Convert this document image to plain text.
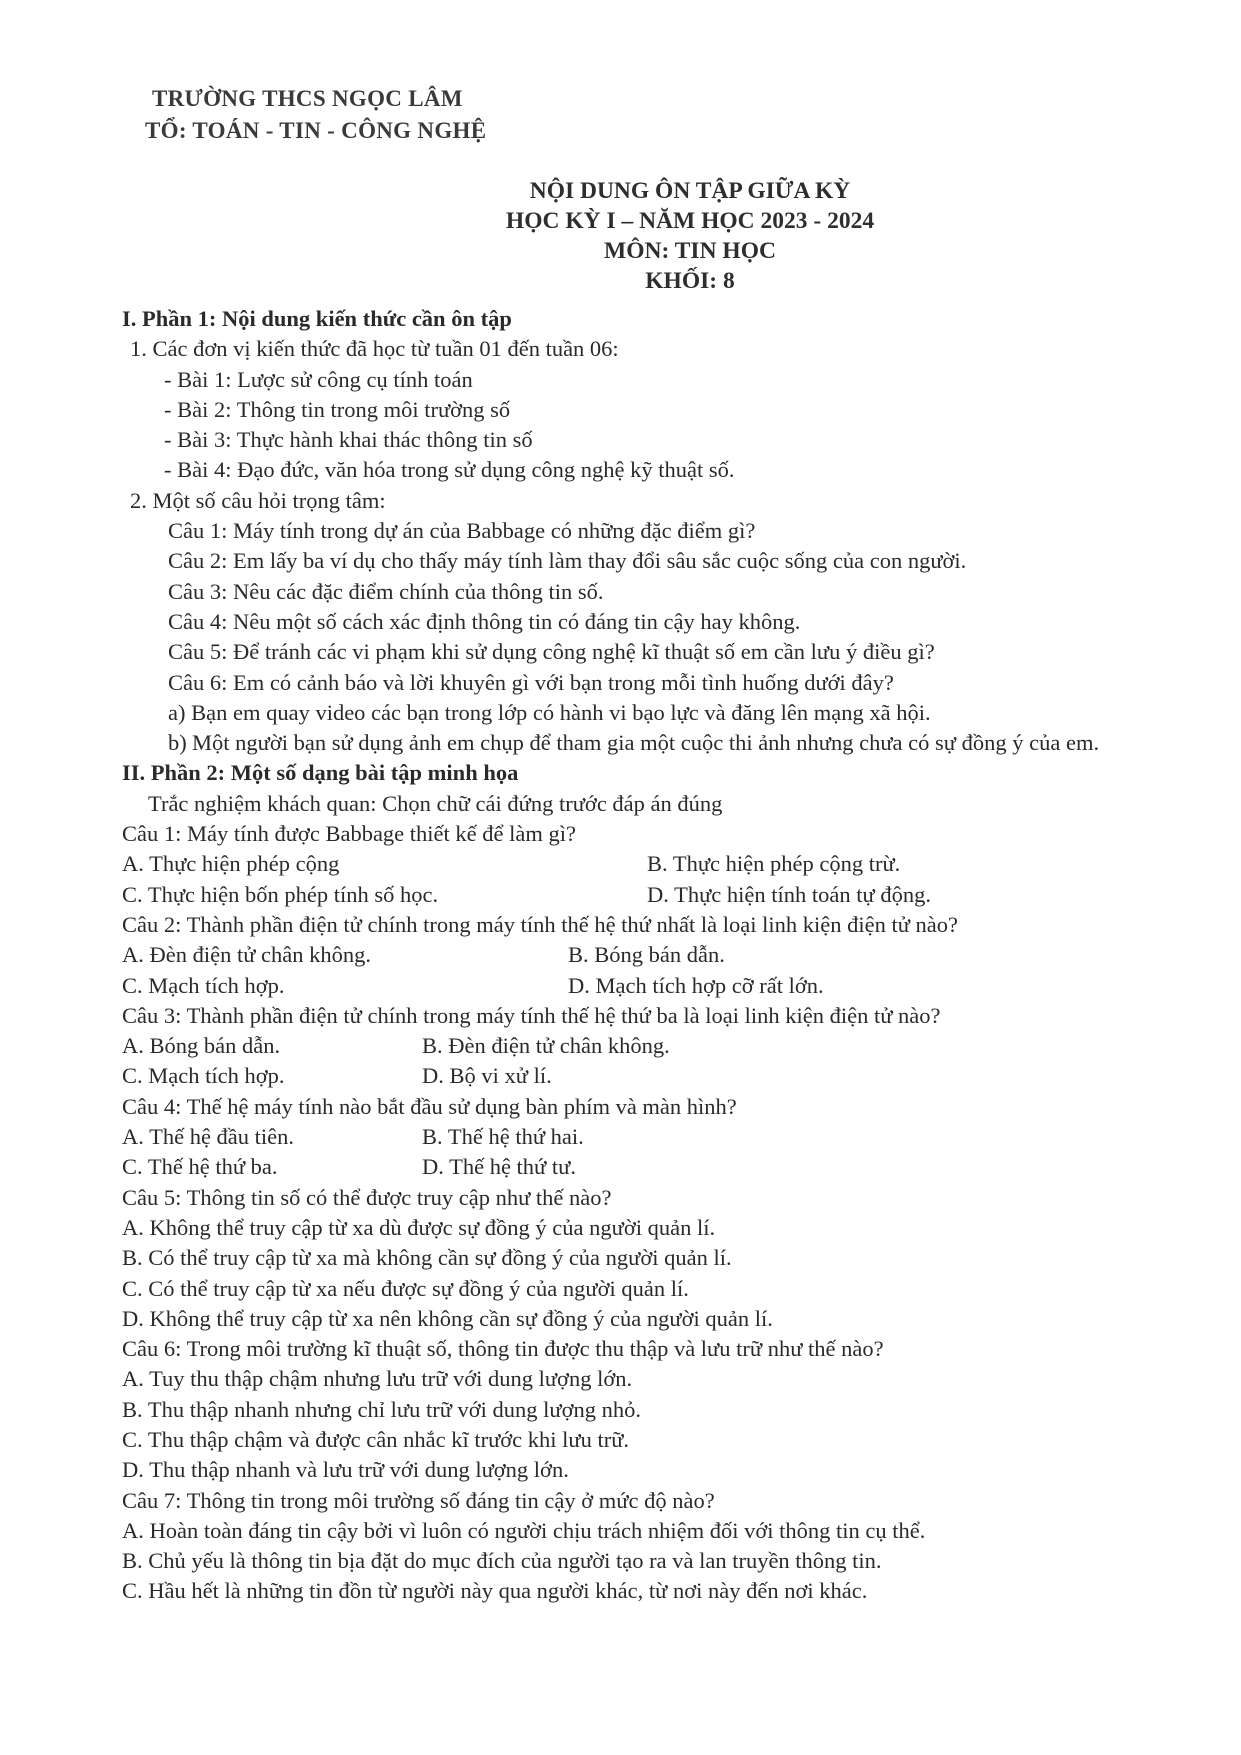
TRƯỜNG THCS NGỌC LÂM
TỔ: TOÁN - TIN - CÔNG NGHỆ
NỘI DUNG ÔN TẬP GIỮA KỲ
HỌC KỲ I – NĂM HỌC 2023 - 2024
MÔN: TIN HỌC
KHỐI: 8
I. Phần 1: Nội dung kiến thức cần ôn tập
1. Các đơn vị kiến thức đã học từ tuần 01 đến tuần 06:
- Bài 1: Lược sử công cụ tính toán
- Bài 2: Thông tin trong môi trường số
- Bài 3: Thực hành khai thác thông tin số
- Bài 4: Đạo đức, văn hóa trong sử dụng công nghệ kỹ thuật số.
2. Một số câu hỏi trọng tâm:
Câu 1: Máy tính trong dự án của Babbage có những đặc điểm gì?
Câu 2: Em lấy ba ví dụ cho thấy máy tính làm thay đổi sâu sắc cuộc sống của con người.
Câu 3: Nêu các đặc điểm chính của thông tin số.
Câu 4: Nêu một số cách xác định thông tin có đáng tin cậy hay không.
Câu 5: Để tránh các vi phạm khi sử dụng công nghệ kĩ thuật số em cần lưu ý điều gì?
Câu 6: Em có cảnh báo và lời khuyên gì với bạn trong mỗi tình huống dưới đây?
a) Bạn em quay video các bạn trong lớp có hành vi bạo lực và đăng lên mạng xã hội.
b) Một người bạn sử dụng ảnh em chụp để tham gia một cuộc thi ảnh nhưng chưa có sự đồng ý của em.
II. Phần 2: Một số dạng bài tập minh họa
Trắc nghiệm khách quan: Chọn chữ cái đứng trước đáp án đúng
Câu 1: Máy tính được Babbage thiết kế để làm gì?
A. Thực hiện phép cộng	B. Thực hiện phép cộng trừ.
C. Thực hiện bốn phép tính số học.	D. Thực hiện tính toán tự động.
Câu 2: Thành phần điện tử chính trong máy tính thế hệ thứ nhất là loại linh kiện điện tử nào?
A. Đèn điện tử chân không.	B. Bóng bán dẫn.
C. Mạch tích hợp.	D. Mạch tích hợp cỡ rất lớn.
Câu 3: Thành phần điện tử chính trong máy tính thế hệ thứ ba là loại linh kiện điện tử nào?
A. Bóng bán dẫn.	B. Đèn điện tử chân không.
C. Mạch tích hợp.	D. Bộ vi xử lí.
Câu 4: Thế hệ máy tính nào bắt đầu sử dụng bàn phím và màn hình?
A. Thế hệ đầu tiên.	B. Thế hệ thứ hai.
C. Thế hệ thứ ba.	D. Thế hệ thứ tư.
Câu 5: Thông tin số có thể được truy cập như thế nào?
A. Không thể truy cập từ xa dù được sự đồng ý của người quản lí.
B. Có thể truy cập từ xa mà không cần sự đồng ý của người quản lí.
C. Có thể truy cập từ xa nếu được sự đồng ý của người quản lí.
D. Không thể truy cập từ xa nên không cần sự đồng ý của người quản lí.
Câu 6: Trong môi trường kĩ thuật số, thông tin được thu thập và lưu trữ như thế nào?
A. Tuy thu thập chậm nhưng lưu trữ với dung lượng lớn.
B. Thu thập nhanh nhưng chỉ lưu trữ với dung lượng nhỏ.
C. Thu thập chậm và được cân nhắc kĩ trước khi lưu trữ.
D. Thu thập nhanh và lưu trữ với dung lượng lớn.
Câu 7: Thông tin trong môi trường số đáng tin cậy ở mức độ nào?
A. Hoàn toàn đáng tin cậy bởi vì luôn có người chịu trách nhiệm đối với thông tin cụ thể.
B. Chủ yếu là thông tin bịa đặt do mục đích của người tạo ra và lan truyền thông tin.
C. Hầu hết là những tin đồn từ người này qua người khác, từ nơi này đến nơi khác.
